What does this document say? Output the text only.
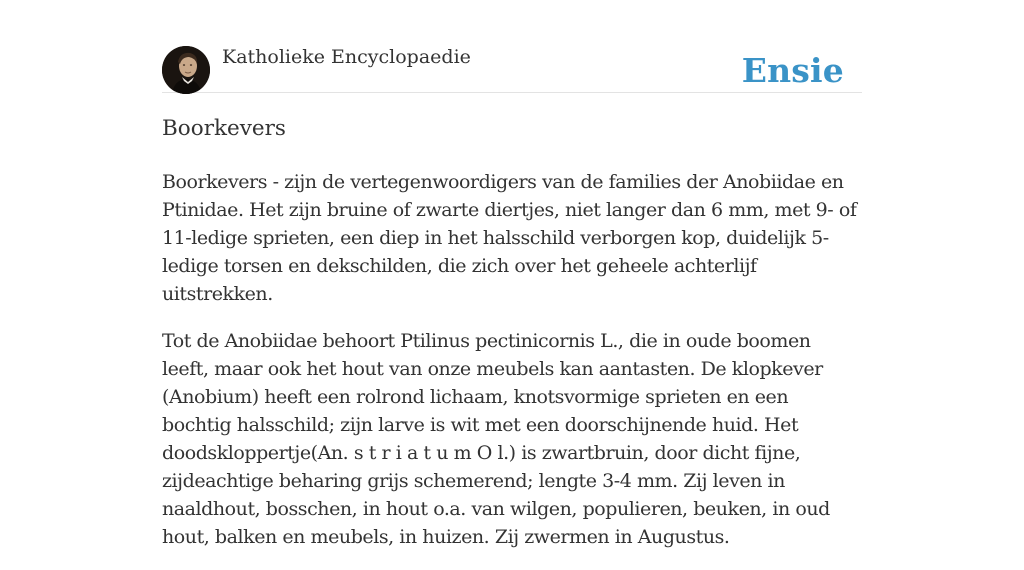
Katholieke Encyclopaedie	Ensie
Boorkevers

Boorkevers - zijn de vertegenwoordigers van de families der Anobiidae en Ptinidae. Het zijn bruine of zwarte diertjes, niet langer dan 6 mm, met 9- of 11-ledige sprieten, een diep in het halsschild verborgen kop, duidelijk 5-ledige torsen en dekschilden, die zich over het geheele achterlijf uitstrekken.

Tot de Anobiidae behoort Ptilinus pectinicornis L., die in oude boomen leeft, maar ook het hout van onze meubels kan aantasten. De klopkever (Anobium) heeft een rolrond lichaam, knotsvormige sprieten en een bochtig halsschild; zijn larve is wit met een doorschijnende huid. Het doodskloppertje(An. s t r i a t u m O l.) is zwartbruin, door dicht fijne, zijdeachtige beharing grijs schemerend; lengte 3-4 mm. Zij leven in naaldhout, bosschen, in hout o.a. van wilgen, populieren, beuken, in oud hout, balken en meubels, in huizen. Zij zwermen in Augustus.
